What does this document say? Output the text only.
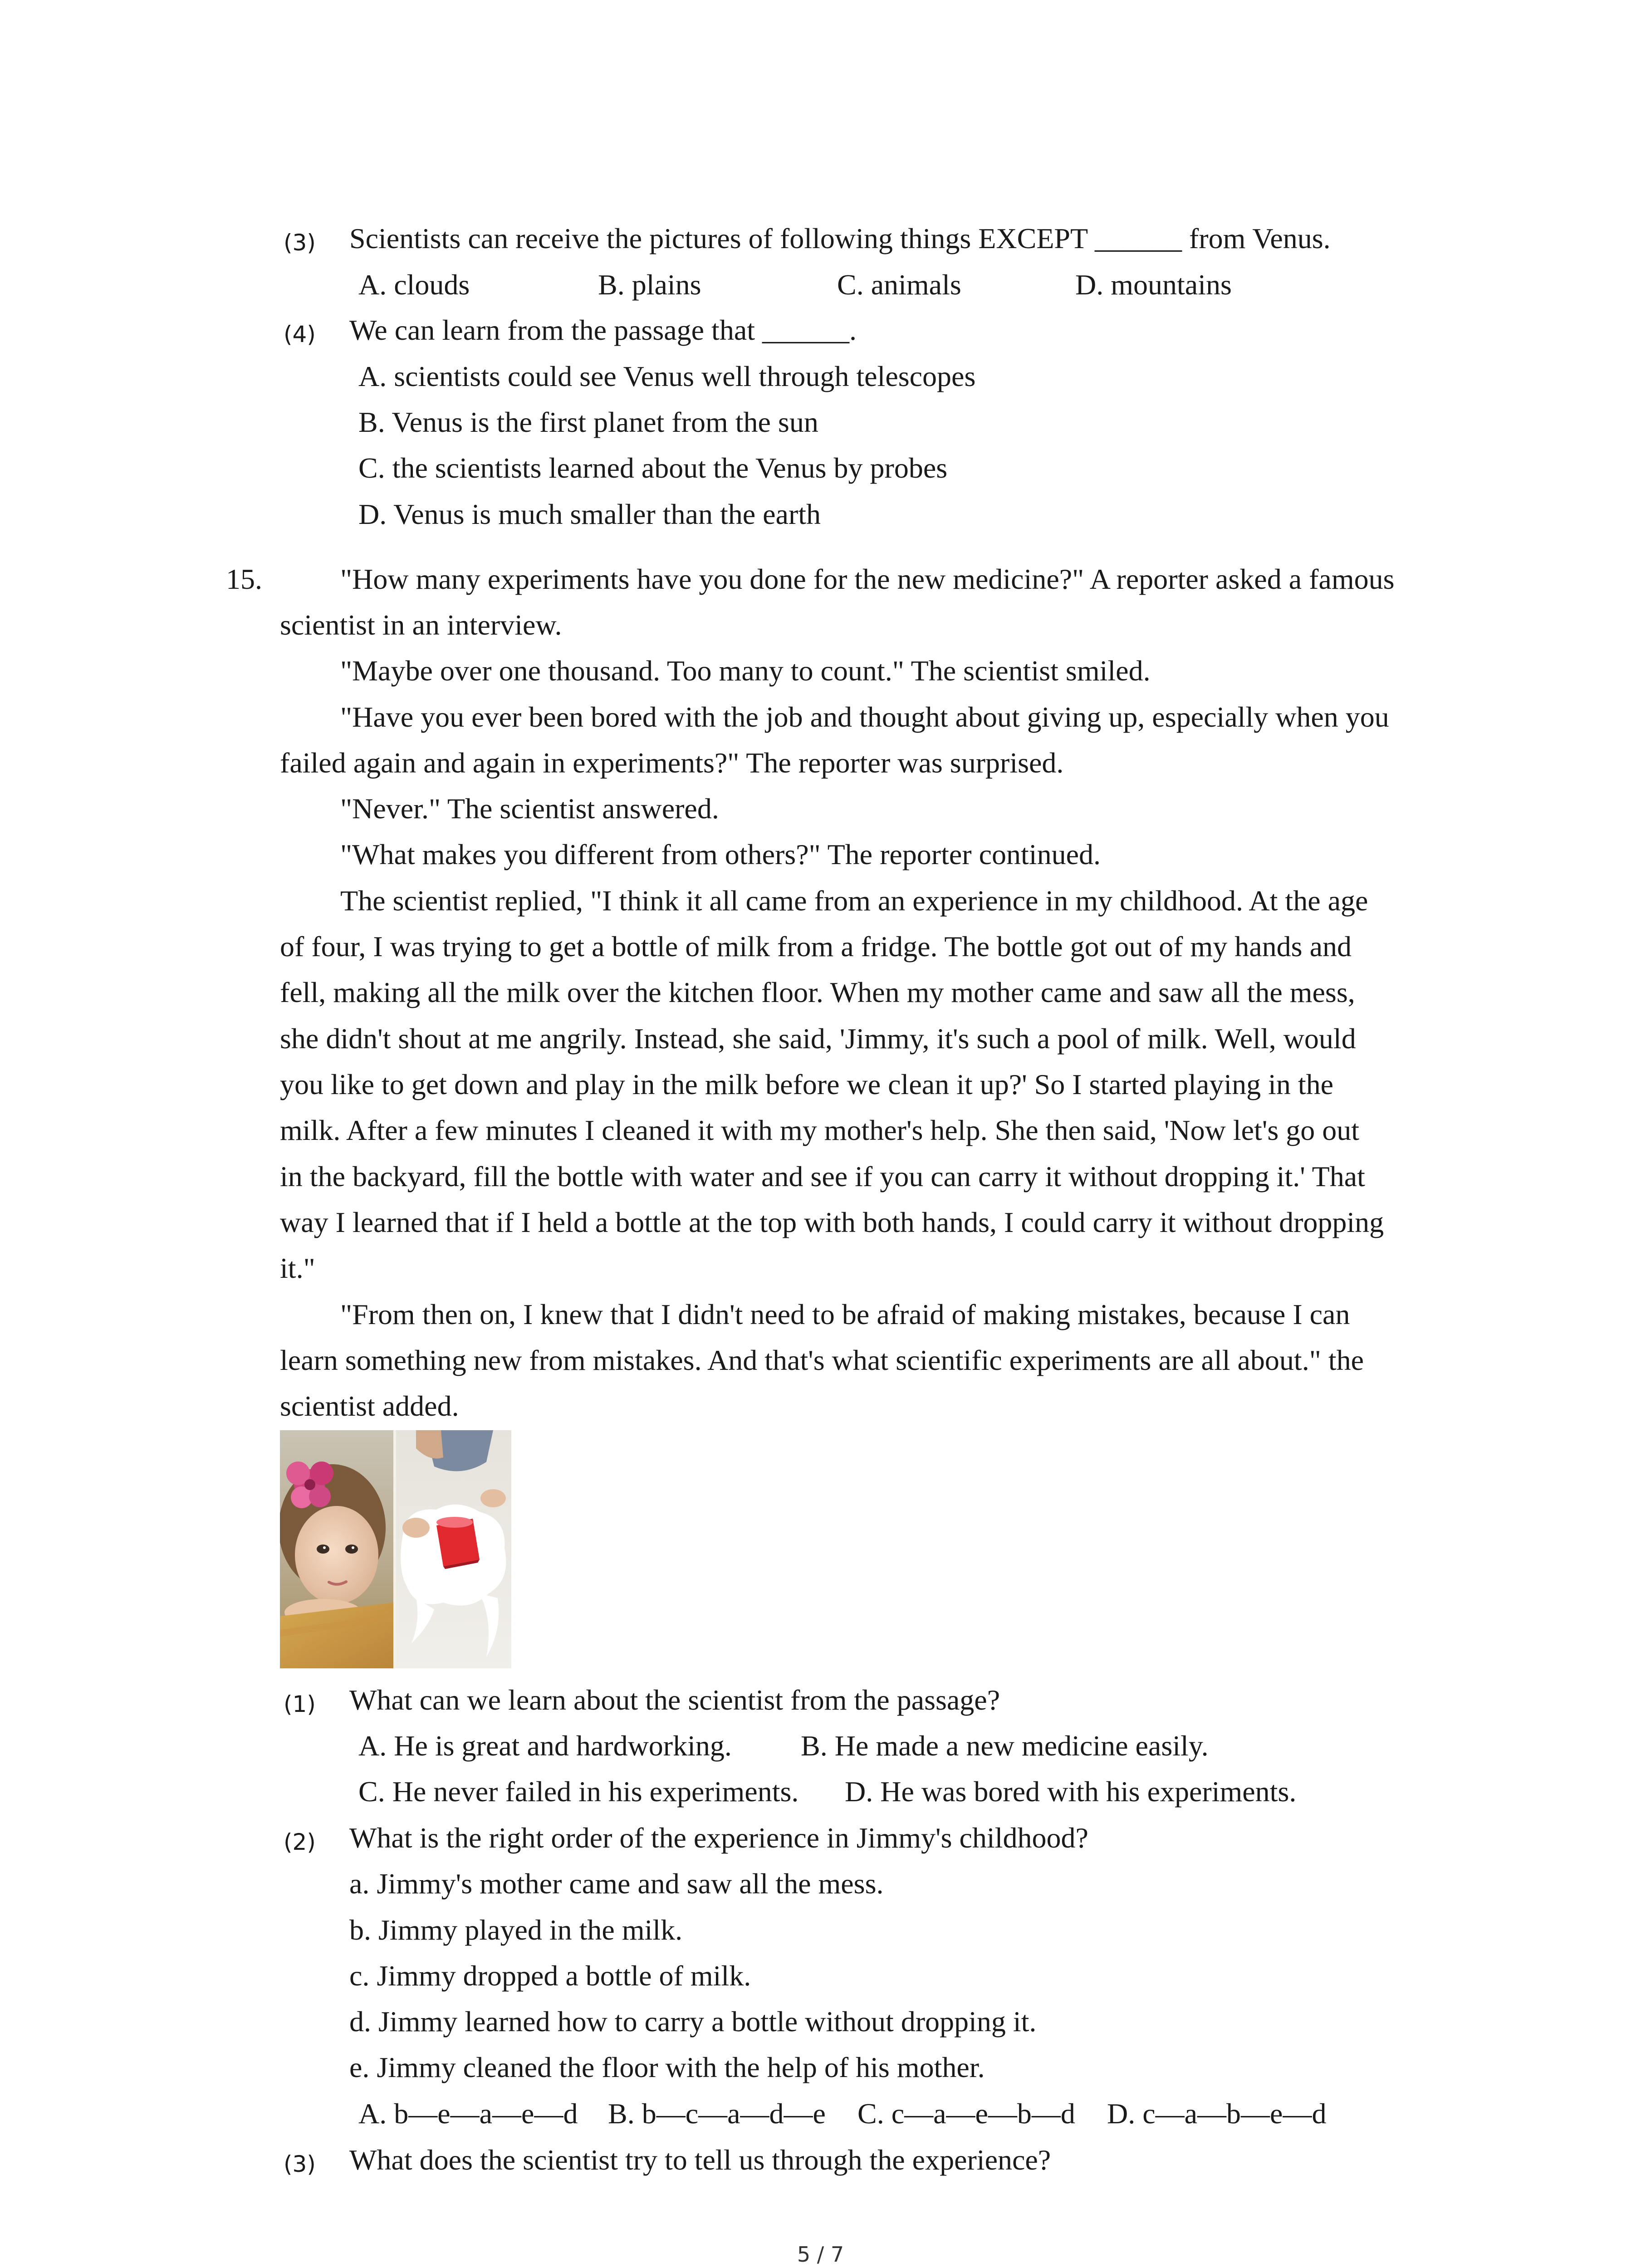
(3) Scientists can receive the pictures of following things EXCEPT ______ from Venus.
A. clouds	B. plains	C. animals	D. mountains
(4) We can learn from the passage that ______.
A. scientists could see Venus well through telescopes
B. Venus is the first planet from the sun
C. the scientists learned about the Venus by probes
D. Venus is much smaller than the earth
15.	"How many experiments have you done for the new medicine?" A reporter asked a famous
scientist in an interview.
"Maybe over one thousand. Too many to count." The scientist smiled.
"Have you ever been bored with the job and thought about giving up, especially when you
failed again and again in experiments?" The reporter was surprised.
"Never." The scientist answered.
"What makes you different from others?" The reporter continued.
The scientist replied, "I think it all came from an experience in my childhood. At the age
of four, I was trying to get a bottle of milk from a fridge. The bottle got out of my hands and
fell, making all the milk over the kitchen floor. When my mother came and saw all the mess,
she didn't shout at me angrily. Instead, she said, 'Jimmy, it's such a pool of milk. Well, would
you like to get down and play in the milk before we clean it up?' So I started playing in the
milk. After a few minutes I cleaned it with my mother's help. She then said, 'Now let's go out
in the backyard, fill the bottle with water and see if you can carry it without dropping it.' That
way I learned that if I held a bottle at the top with both hands, I could carry it without dropping
it."
"From then on, I knew that I didn't need to be afraid of making mistakes, because I can
learn something new from mistakes. And that's what scientific experiments are all about." the
scientist added.
(1) What can we learn about the scientist from the passage?
A. He is great and hardworking. B. He made a new medicine easily.
C. He never failed in his experiments. D. He was bored with his experiments.
(2) What is the right order of the experience in Jimmy's childhood?
a. Jimmy's mother came and saw all the mess.
b. Jimmy played in the milk.
c. Jimmy dropped a bottle of milk.
d. Jimmy learned how to carry a bottle without dropping it.
e. Jimmy cleaned the floor with the help of his mother.
A. b—e—a—e—d B. b—c—a—d—e C. c—a—e—b—d D. c—a—b—e—d
(3) What does the scientist try to tell us through the experience?
5 / 7
